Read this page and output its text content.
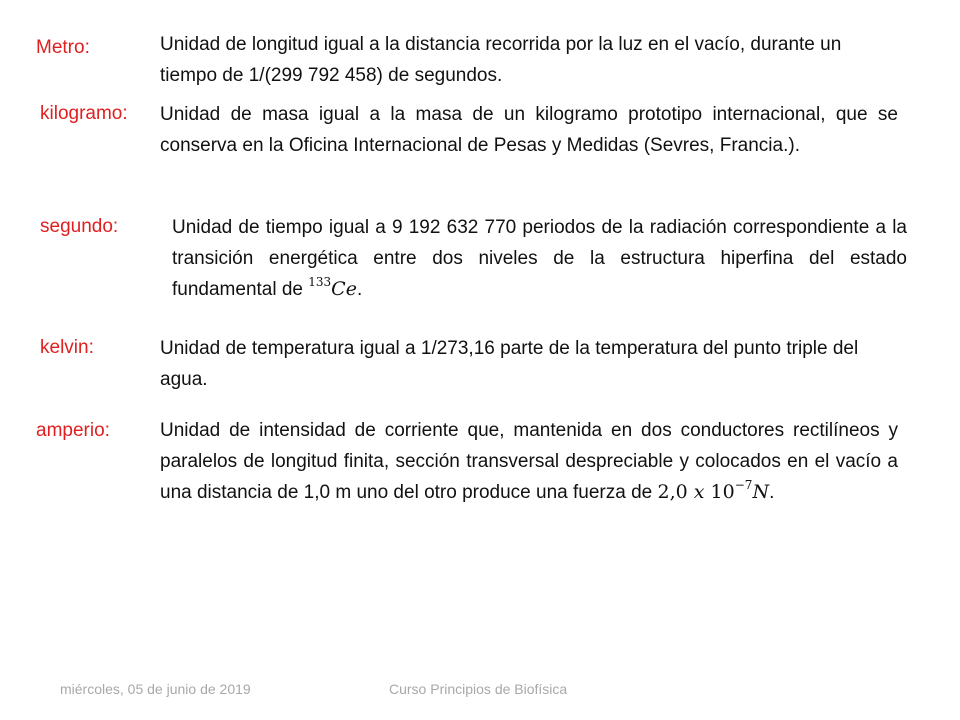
Metro:	Unidad de longitud igual a la distancia recorrida por la luz en el vacío, durante un tiempo de 1/(299 792 458) de segundos.
kilogramo: Unidad de masa igual a la masa de un kilogramo prototipo internacional, que se conserva en la Oficina Internacional de Pesas y Medidas (Sevres, Francia.).
segundo:	Unidad de tiempo igual a 9 192 632 770 periodos de la radiación correspondiente a la transición energética entre dos niveles de la estructura hiperfina del estado fundamental de $^{133}$Ce.
kelvin:	Unidad de temperatura igual a 1/273,16 parte de la temperatura del punto triple del agua.
amperio:	Unidad de intensidad de corriente que, mantenida en dos conductores rectilíneos y paralelos de longitud finita, sección transversal despreciable y colocados en el vacío a una distancia de 1,0 m uno del otro produce una fuerza de 2,0 x $10^{-7}N$.
miércoles, 05 de junio de 2019	Curso Principios de Biofísica
